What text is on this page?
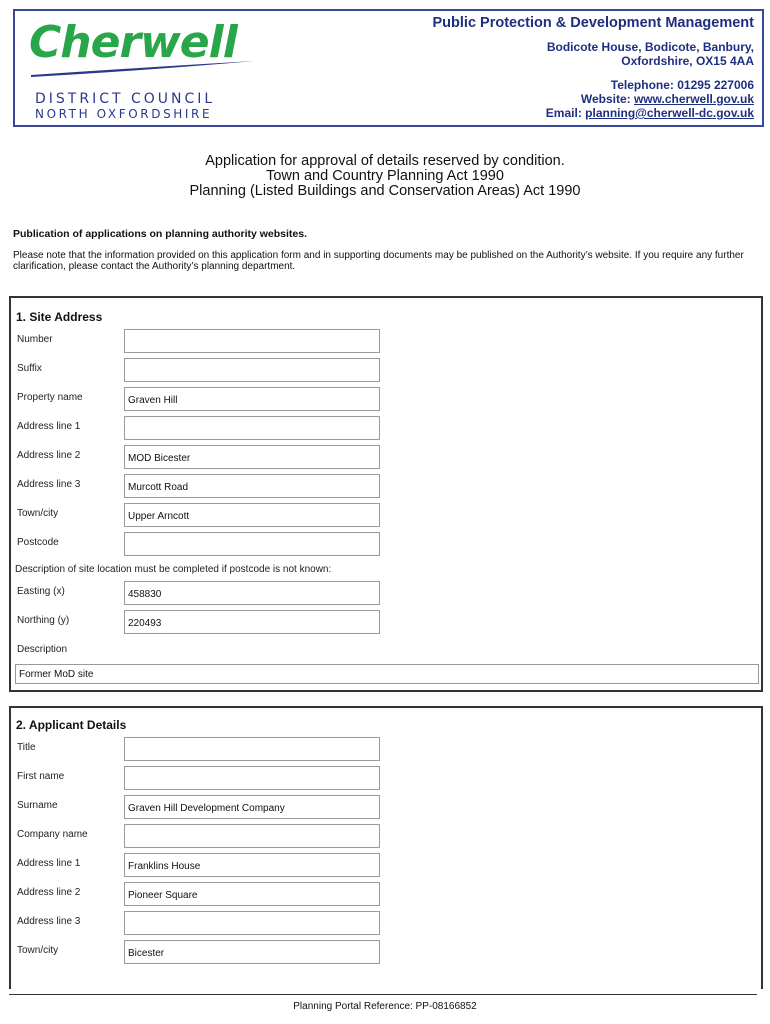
Cherwell
DISTRICT COUNCIL
NORTH OXFORDSHIRE
Public Protection & Development Management
Bodicote House, Bodicote, Banbury,
Oxfordshire, OX15 4AA
Telephone: 01295 227006
Website: www.cherwell.gov.uk
Email: planning@cherwell-dc.gov.uk
Application for approval of details reserved by condition.
Town and Country Planning Act 1990
Planning (Listed Buildings and Conservation Areas) Act 1990
Publication of applications on planning authority websites.
Please note that the information provided on this application form and in supporting documents may be published on the Authority’s website. If you require any further clarification, please contact the Authority’s planning department.
1. Site Address
Number
Suffix
Property name	Graven Hill
Address line 1
Address line 2	MOD Bicester
Address line 3	Murcott Road
Town/city	Upper Arncott
Postcode
Description of site location must be completed if postcode is not known:
Easting (x)	458830
Northing (y)	220493
Description
Former MoD site
2. Applicant Details
Title
First name
Surname	Graven Hill Development Company
Company name
Address line 1	Franklins House
Address line 2	Pioneer Square
Address line 3
Town/city	Bicester
Planning Portal Reference: PP-08166852
